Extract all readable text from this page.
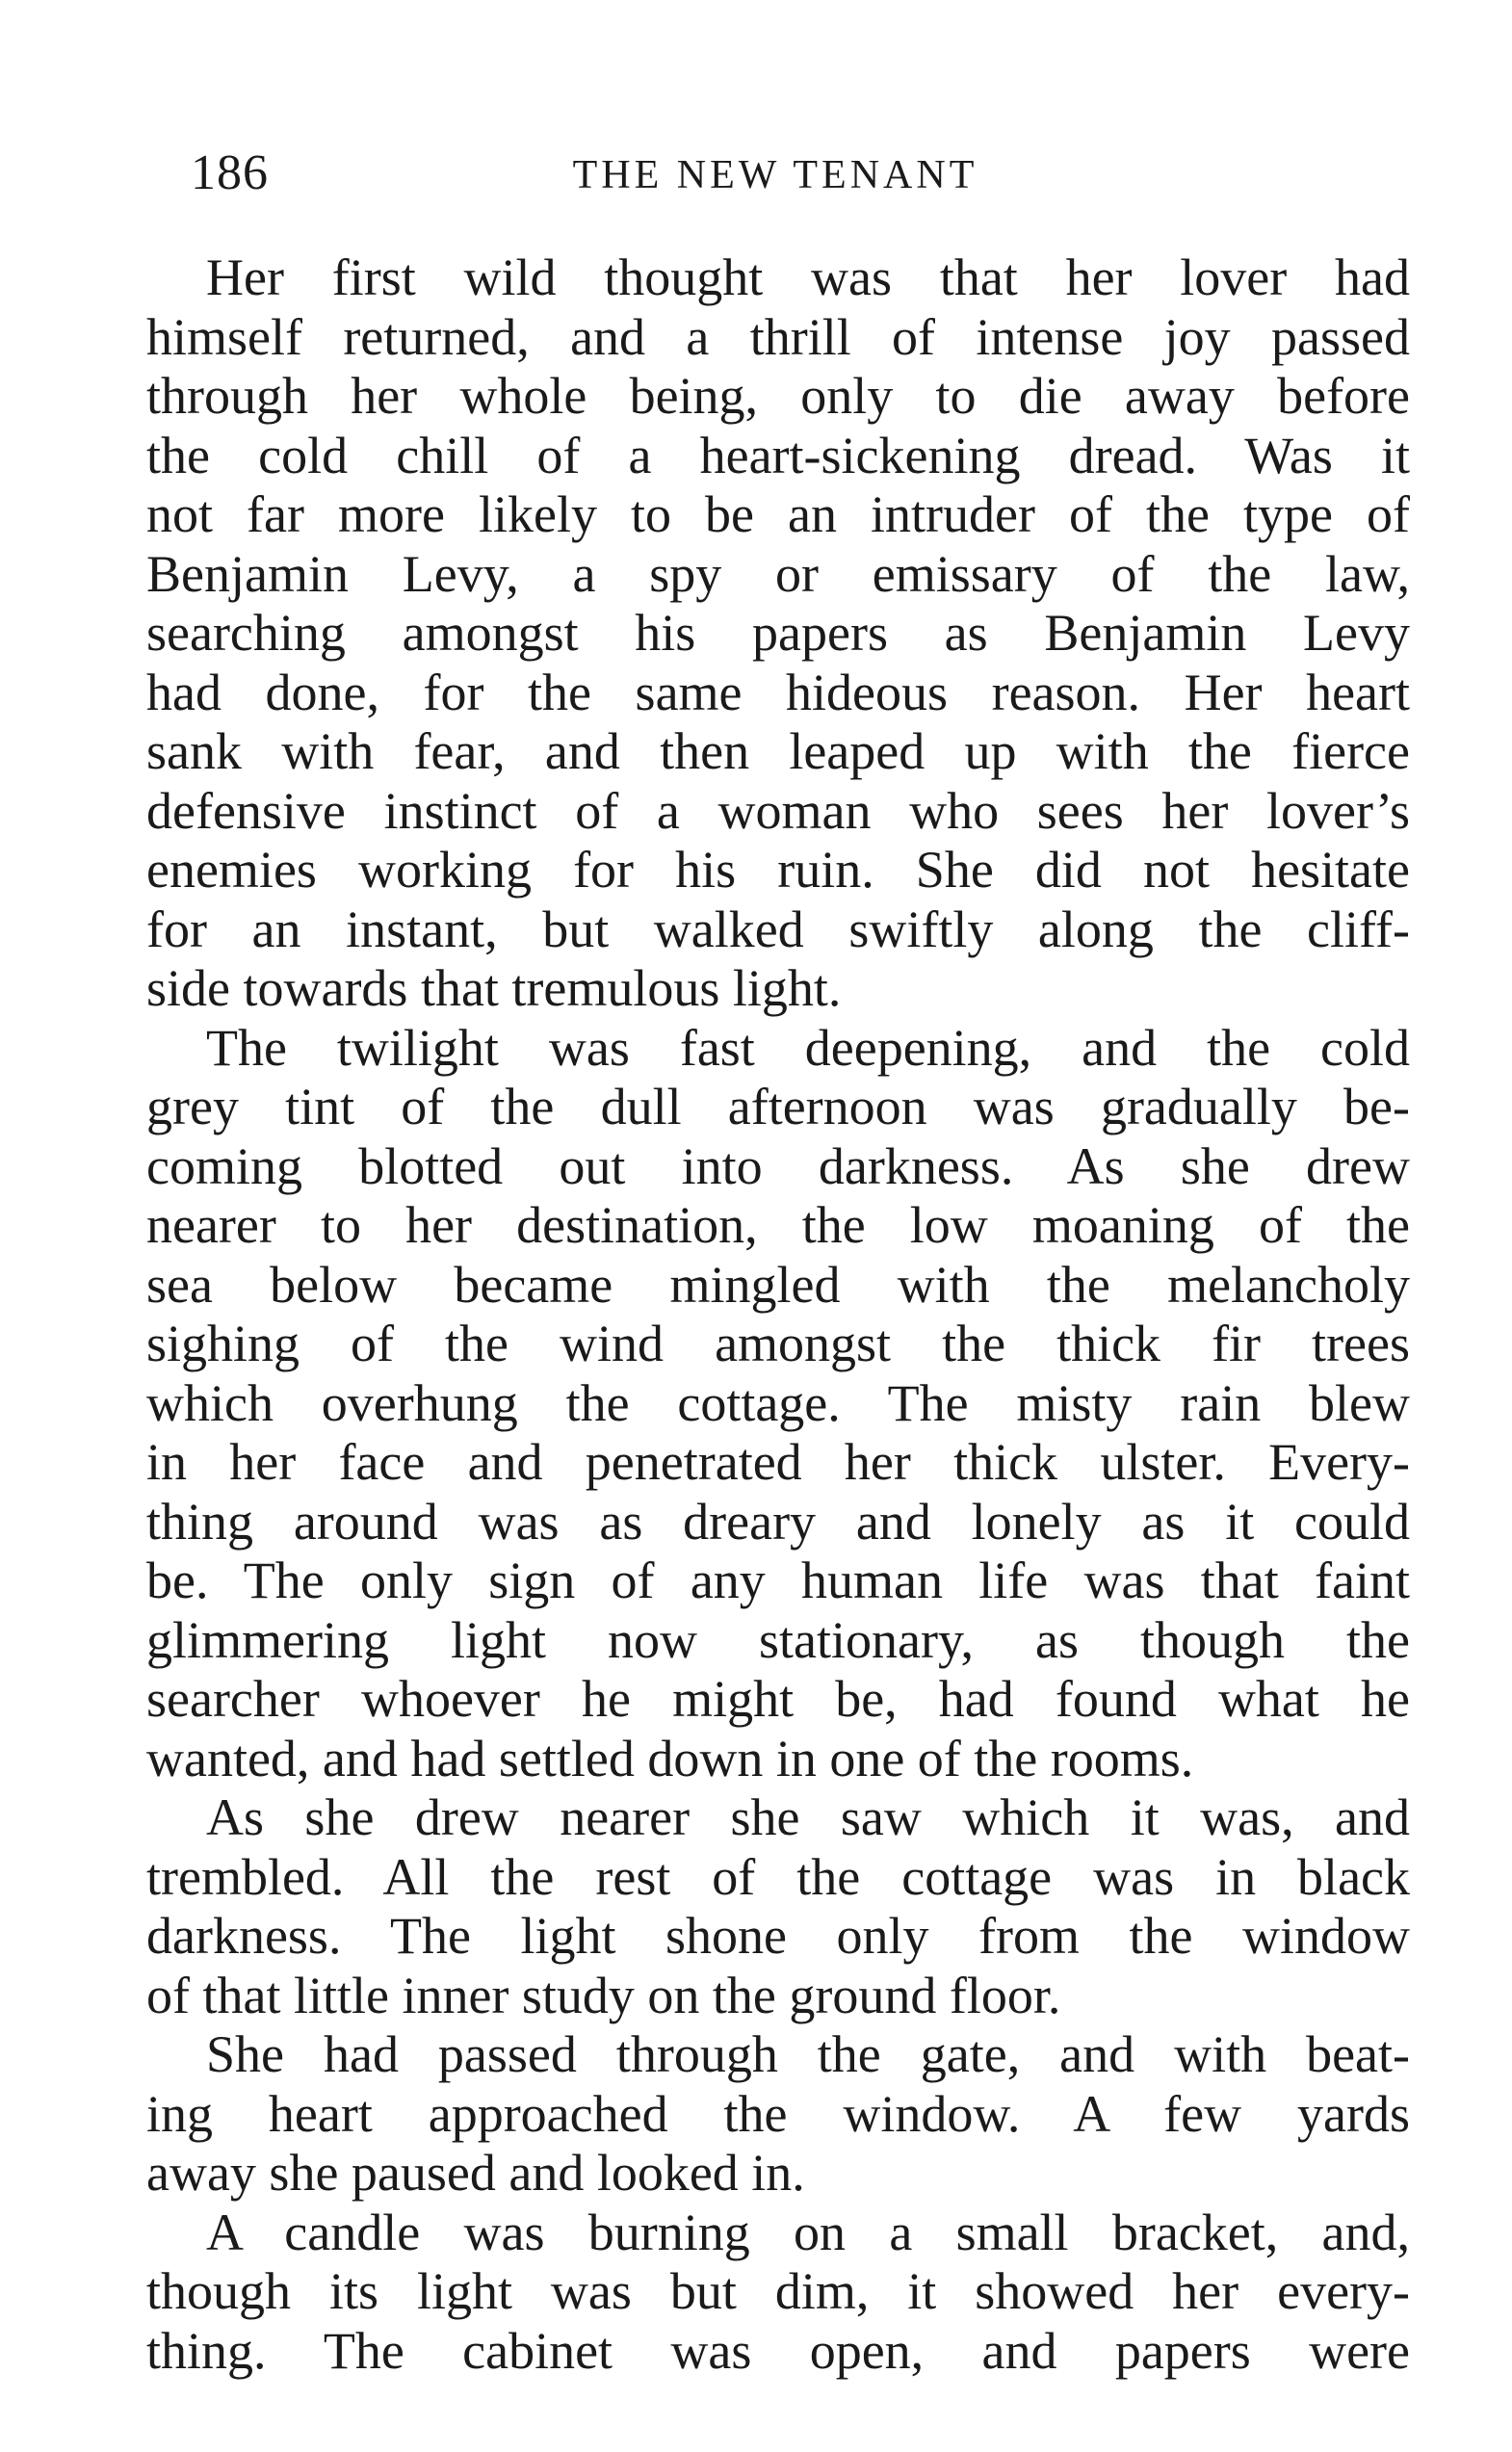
186	THE NEW TENANT
Her first wild thought was that her lover had
himself returned, and a thrill of intense joy passed
through her whole being, only to die away before
the cold chill of a heart-sickening dread. Was it
not far more likely to be an intruder of the type of
Benjamin Levy, a spy or emissary of the law,
searching amongst his papers as Benjamin Levy
had done, for the same hideous reason. Her heart
sank with fear, and then leaped up with the fierce
defensive instinct of a woman who sees her lover’s
enemies working for his ruin. She did not hesitate
for an instant, but walked swiftly along the cliff-
side towards that tremulous light.
The twilight was fast deepening, and the cold
grey tint of the dull afternoon was gradually be-
coming blotted out into darkness. As she drew
nearer to her destination, the low moaning of the
sea below became mingled with the melancholy
sighing of the wind amongst the thick fir trees
which overhung the cottage. The misty rain blew
in her face and penetrated her thick ulster. Every-
thing around was as dreary and lonely as it could
be. The only sign of any human life was that faint
glimmering light now stationary, as though the
searcher whoever he might be, had found what he
wanted, and had settled down in one of the rooms.
As she drew nearer she saw which it was, and
trembled. All the rest of the cottage was in black
darkness. The light shone only from the window
of that little inner study on the ground floor.
She had passed through the gate, and with beat-
ing heart approached the window. A few yards
away she paused and looked in.
A candle was burning on a small bracket, and,
though its light was but dim, it showed her every-
thing. The cabinet was open, and papers were
